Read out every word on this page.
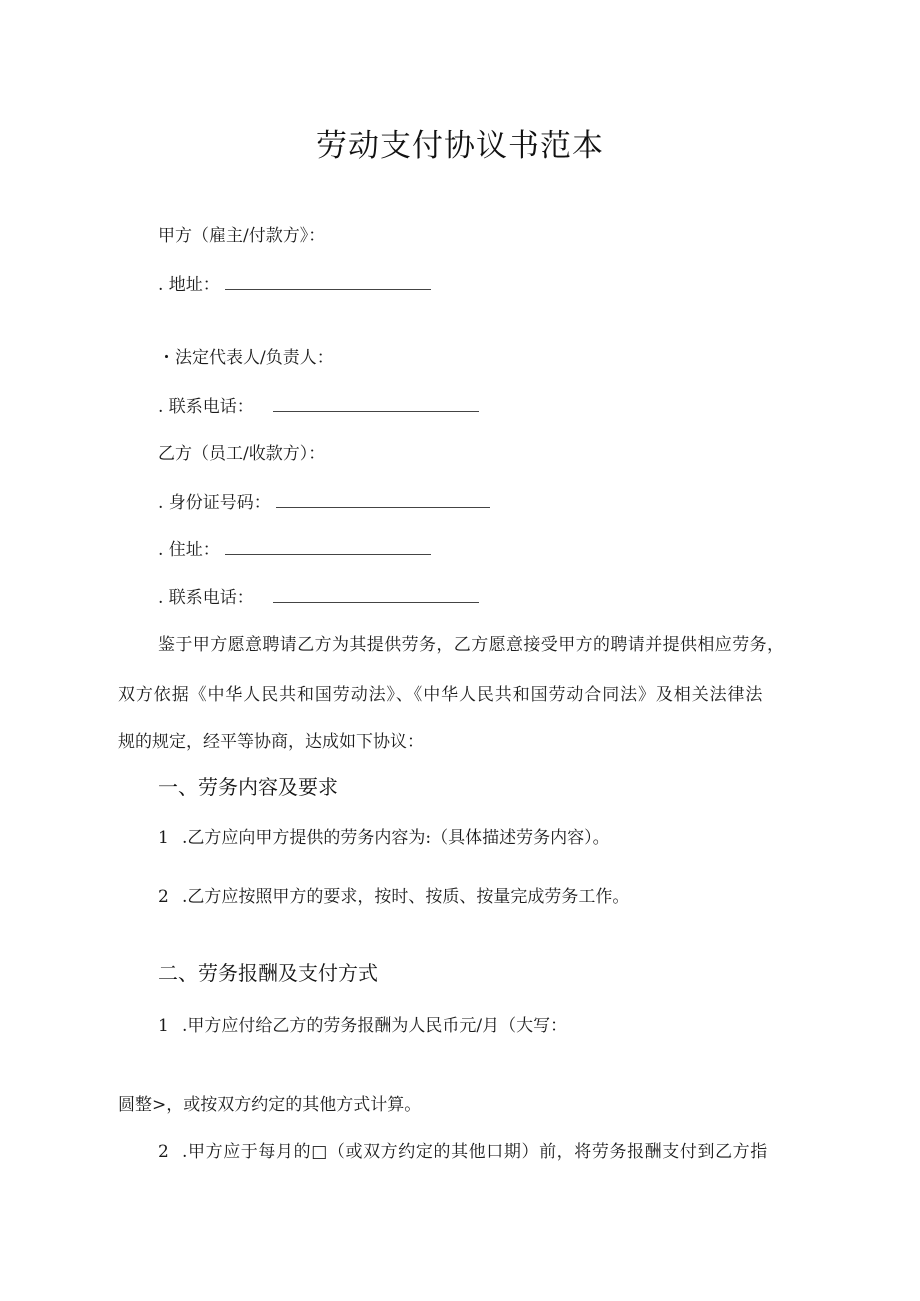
劳动支付协议书范本
甲方（雇主/付款方》：
. 地址：
・法定代表人/负责人：
. 联系电话：
乙方（员工/收款方）：
. 身份证号码：
. 住址：
. 联系电话：
鉴于甲方愿意聘请乙方为其提供劳务，乙方愿意接受甲方的聘请并提供相应劳务，
双方依据《中华人民共和国劳动法》、《中华人民共和国劳动合同法》及相关法律法
规的规定，经平等协商，达成如下协议：
一、劳务内容及要求
1 .乙方应向甲方提供的劳务内容为:（具体描述劳务内容）。
2 .乙方应按照甲方的要求，按时、按质、按量完成劳务工作。
二、劳务报酬及支付方式
1 .甲方应付给乙方的劳务报酬为人民币元/月（大写：
圆整>，或按双方约定的其他方式计算。
2 .甲方应于每月的□（或双方约定的其他口期）前，将劳务报酬支付到乙方指
